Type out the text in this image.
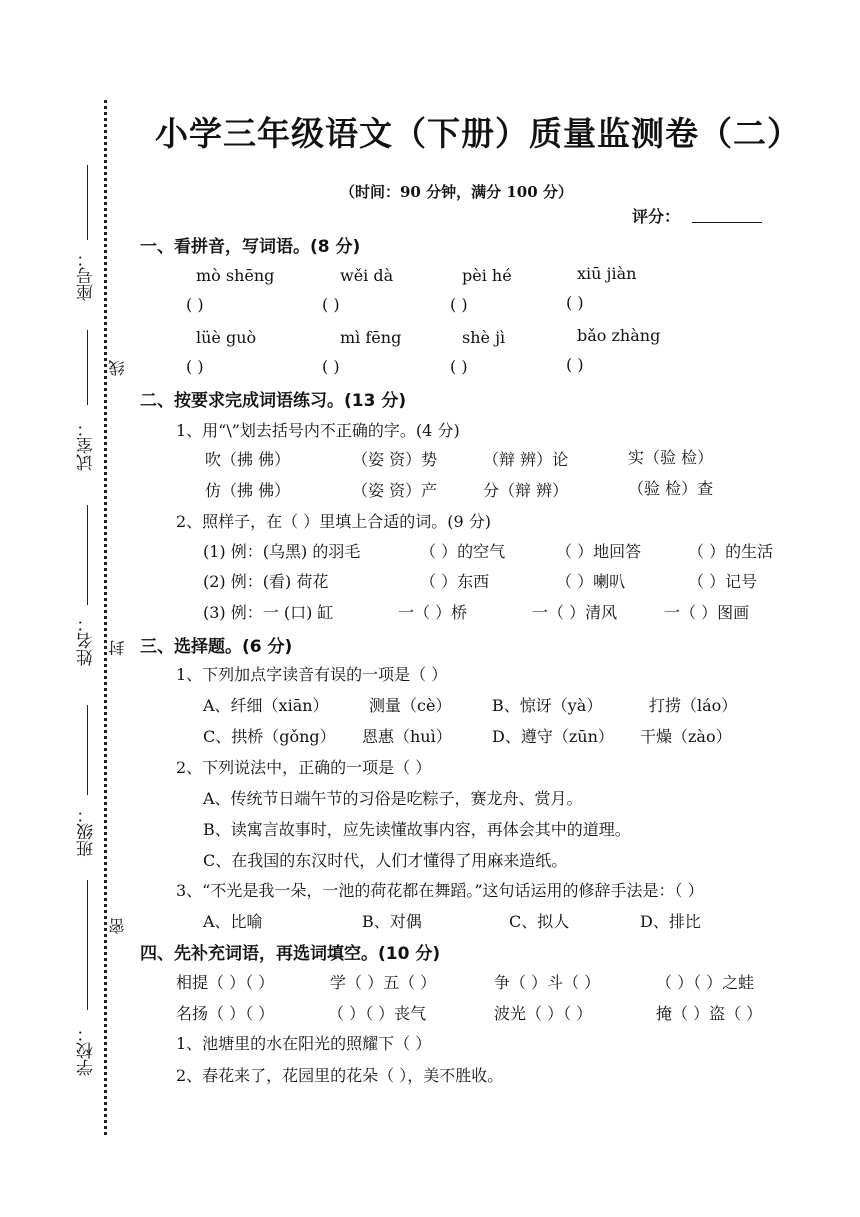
座号：
试室：
姓名：
班级：
学校：
线
封
密
小学三年级语文（下册）质量监测卷（二）
（时间：90 分钟，满分 100 分）
评分：
一、看拼音，写词语。(8 分)
mò shēng	wěi dà	pèi hé	xiū jiàn
( )	( )	( )	( )
lüè guò	mì fēng	shè jì	bǎo zhàng
( )	( )	( )	( )
二、按要求完成词语练习。(13 分)
1、用“\”划去括号内不正确的字。(4 分)
吹（拂 佛）	（姿 资）势	（辩 辨）论	实（验 检）
仿（拂 佛）	（姿 资）产	分（辩 辨）	（验 检）查
2、照样子，在（ ）里填上合适的词。(9 分)
(1) 例：(乌黑) 的羽毛	（ ）的空气	（ ）地回答	（ ）的生活
(2) 例：(看) 荷花	（ ）东西	（ ）喇叭	（ ）记号
(3) 例：一 (口) 缸	一（ ）桥	一（ ）清风	一（ ）图画
三、选择题。(6 分)
1、下列加点字读音有误的一项是（ ）
A、纤细（xiān）	测量（cè）	B、惊讶（yà）	打捞（láo）
C、拱桥（gǒng） 恩惠（huì）	D、遵守（zūn） 干燥（zào）
2、下列说法中，正确的一项是（ ）
A、传统节日端午节的习俗是吃粽子，赛龙舟、赏月。
B、读寓言故事时，应先读懂故事内容，再体会其中的道理。
C、在我国的东汉时代，人们才懂得了用麻来造纸。
3、“不光是我一朵，一池的荷花都在舞蹈。”这句话运用的修辞手法是：（ ）
A、比喻	B、对偶	C、拟人	D、排比
四、先补充词语，再选词填空。(10 分)
相提（ ）（ ）	学（ ）五（ ）	争（ ）斗（ ）	（ ）（ ）之蛙
名扬（ ）（ ）	（ ）（ ）丧气	波光（ ）（ ）	掩（ ）盗（ ）
1、池塘里的水在阳光的照耀下（ ）
2、春花来了，花园里的花朵（ ），美不胜收。
